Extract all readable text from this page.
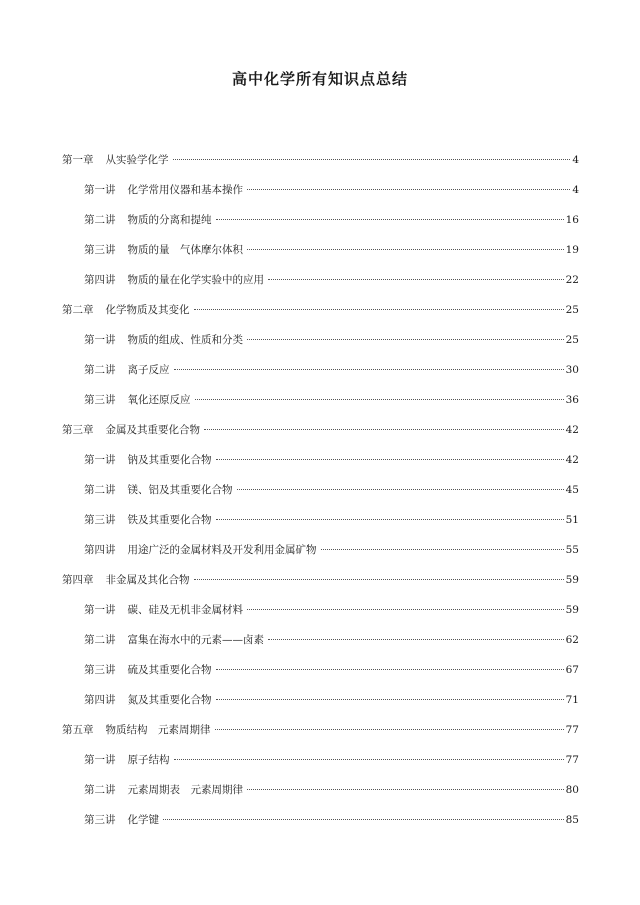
高中化学所有知识点总结
第一章 从实验学化学	4
第一讲 化学常用仪器和基本操作	4
第二讲 物质的分离和提纯	16
第三讲 物质的量　气体摩尔体积	19
第四讲 物质的量在化学实验中的应用	22
第二章 化学物质及其变化	25
第一讲 物质的组成、性质和分类	25
第二讲 离子反应	30
第三讲 氧化还原反应	36
第三章 金属及其重要化合物	42
第一讲 钠及其重要化合物	42
第二讲 镁、铝及其重要化合物	45
第三讲 铁及其重要化合物	51
第四讲 用途广泛的金属材料及开发利用金属矿物	55
第四章 非金属及其化合物	59
第一讲 碳、硅及无机非金属材料	59
第二讲 富集在海水中的元素——卤素	62
第三讲 硫及其重要化合物	67
第四讲 氮及其重要化合物	71
第五章 物质结构　元素周期律	77
第一讲 原子结构	77
第二讲 元素周期表　元素周期律	80
第三讲 化学键	85
